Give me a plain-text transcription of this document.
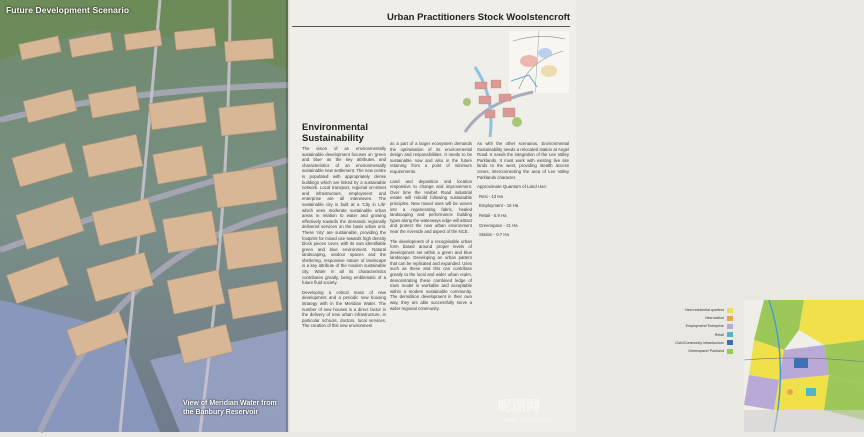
Future Development Scenario
View of Meridian Water from
the Banbury Reservoir
Urban Practitioners Stock Woolstencroft
Environmental
Sustainability

The vision of an environmentally sustainable development focuses on 'green and blue' as the key attributes and characteristics of an environmentally sustainable new settlement. The new centre is populated with appropriately dense buildings which are linked by a sustainable network. Local transport, regional on-street and infrastructure, employment and enterprise are all interwoven. The sustainable city is built at a 'City in Life' which sees moderate sustainable urban areas in relation to water and growing effectively towards the demands regionally delivered services on the basis urban unit. These 'city' are sustainable, providing the footprint for mixed use towards high density block pieces cover, with its own identifiable green and blue environment. Natural landscaping, outdoor spaces and the sheltering, responsive nature of landscape is a key attribute of the modern sustainable city. Water in all its characteristics contributes greatly, being emblematic of a future fluid society.

Developing a critical mass of new development and a periodic new housing strategy with in the Meridian Water. The number of new houses is a direct factor in the delivery of new urban infrastructure, in particular schools, doctors, local services. The creation of this new environment

as a part of a larger ecosystem demands the optimisation of its environmental design and responsibilities. It needs to be sustainable now and also in the future retaining from a point of minimum requirements.

Land and deposition and location responsive to change and improvement. Over time the Harbet Road industrial estate will rebuild following sustainable principles. New mixed uses will be woven into a regenerating fabric, healed landscaping and performance building types along the waterways edge will attract and protect the new urban environment near the riverside and aspect of the NCE.

The development of a recognisable urban form based around proper levels of development set within a green and blue landscape. Developing an urban pattern that can be replicated and expanded. Uses such as these and this can contribute greatly to the local and wider urban realm, demonstrating these combined ledge of town model is workable and acceptable within a modern sustainable community. The demolition development in their own way, they are able successfully serve a wider regional community.

As with the other scenarios, Environmental Sustainability needs a relocated station at Angel Road. It needs the integration of the Lee Valley Parklands. It must work with existing live site lands to the west, providing stealth access zones, interconnecting the area of Lee Valley Parklands character.

Approximate Quantum of Land Use:

Resi - 13 Ha

Employment - 16 Ha

Retail - 5.9 Ha

Greenspace - 21 Ha

Station - 0.7 Ha

New residential quarters
New station
Employment/ Enterprise
Retail
Civic/Community infrastructure
Greenspace/ Parkland
昵图网
www.nipic.com
